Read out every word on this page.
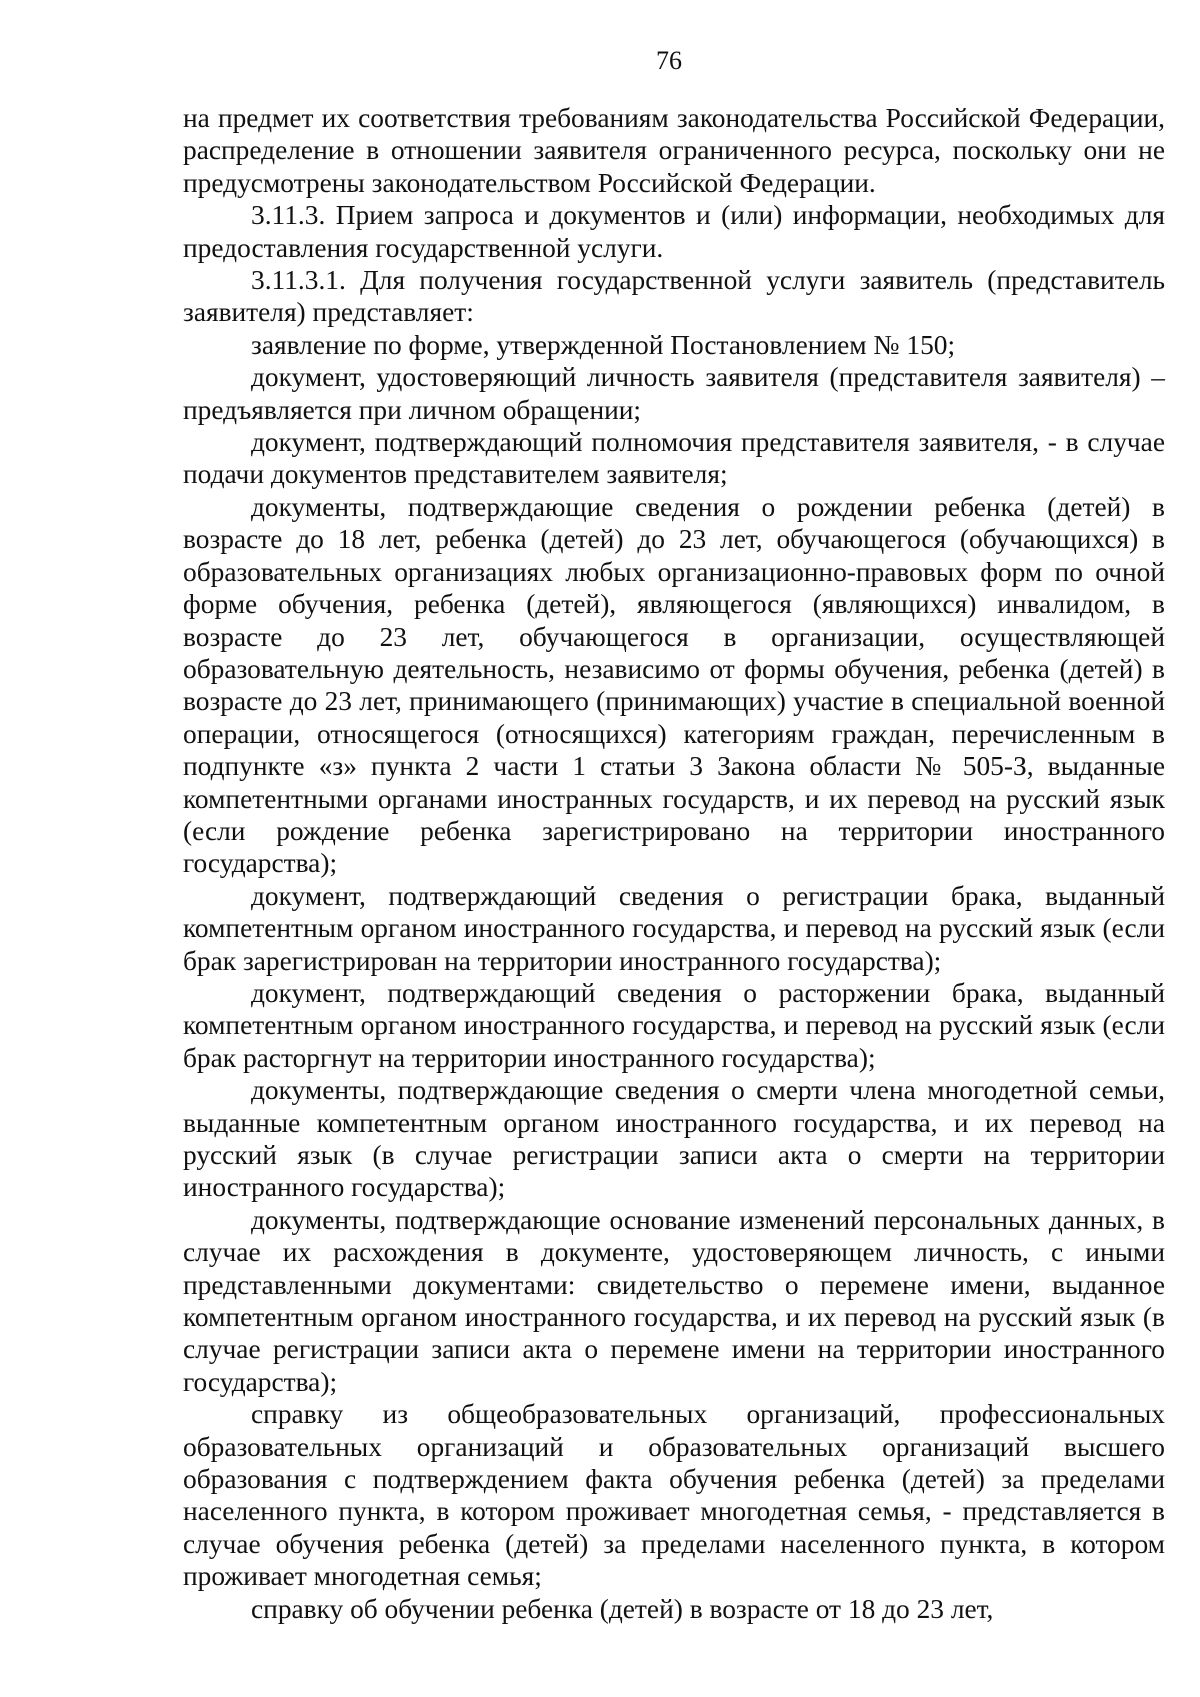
76

на предмет их соответствия требованиям законодательства Российской Федерации, распределение в отношении заявителя ограниченного ресурса, поскольку они не предусмотрены законодательством Российской Федерации.

3.11.3. Прием запроса и документов и (или) информации, необходимых для предоставления государственной услуги.

3.11.3.1. Для получения государственной услуги заявитель (представитель заявителя) представляет:

заявление по форме, утвержденной Постановлением № 150;

документ, удостоверяющий личность заявителя (представителя заявителя) – предъявляется при личном обращении;

документ, подтверждающий полномочия представителя заявителя, - в случае подачи документов представителем заявителя;

документы, подтверждающие сведения о рождении ребенка (детей) в возрасте до 18 лет, ребенка (детей) до 23 лет, обучающегося (обучающихся) в образовательных организациях любых организационно-правовых форм по очной форме обучения, ребенка (детей), являющегося (являющихся) инвалидом, в возрасте до 23 лет, обучающегося в организации, осуществляющей образовательную деятельность, независимо от формы обучения, ребенка (детей) в возрасте до 23 лет, принимающего (принимающих) участие в специальной военной операции, относящегося (относящихся) категориям граждан, перечисленным в подпункте «з» пункта 2 части 1 статьи 3 Закона области № 505-З, выданные компетентными органами иностранных государств, и их перевод на русский язык (если рождение ребенка зарегистрировано на территории иностранного государства);

документ, подтверждающий сведения о регистрации брака, выданный компетентным органом иностранного государства, и перевод на русский язык (если брак зарегистрирован на территории иностранного государства);

документ, подтверждающий сведения о расторжении брака, выданный компетентным органом иностранного государства, и перевод на русский язык (если брак расторгнут на территории иностранного государства);

документы, подтверждающие сведения о смерти члена многодетной семьи, выданные компетентным органом иностранного государства, и их перевод на русский язык (в случае регистрации записи акта о смерти на территории иностранного государства);

документы, подтверждающие основание изменений персональных данных, в случае их расхождения в документе, удостоверяющем личность, с иными представленными документами: свидетельство о перемене имени, выданное компетентным органом иностранного государства, и их перевод на русский язык (в случае регистрации записи акта о перемене имени на территории иностранного государства);

справку из общеобразовательных организаций, профессиональных образовательных организаций и образовательных организаций высшего образования с подтверждением факта обучения ребенка (детей) за пределами населенного пункта, в котором проживает многодетная семья, - представляется в случае обучения ребенка (детей) за пределами населенного пункта, в котором проживает многодетная семья;

справку об обучении ребенка (детей) в возрасте от 18 до 23 лет,
